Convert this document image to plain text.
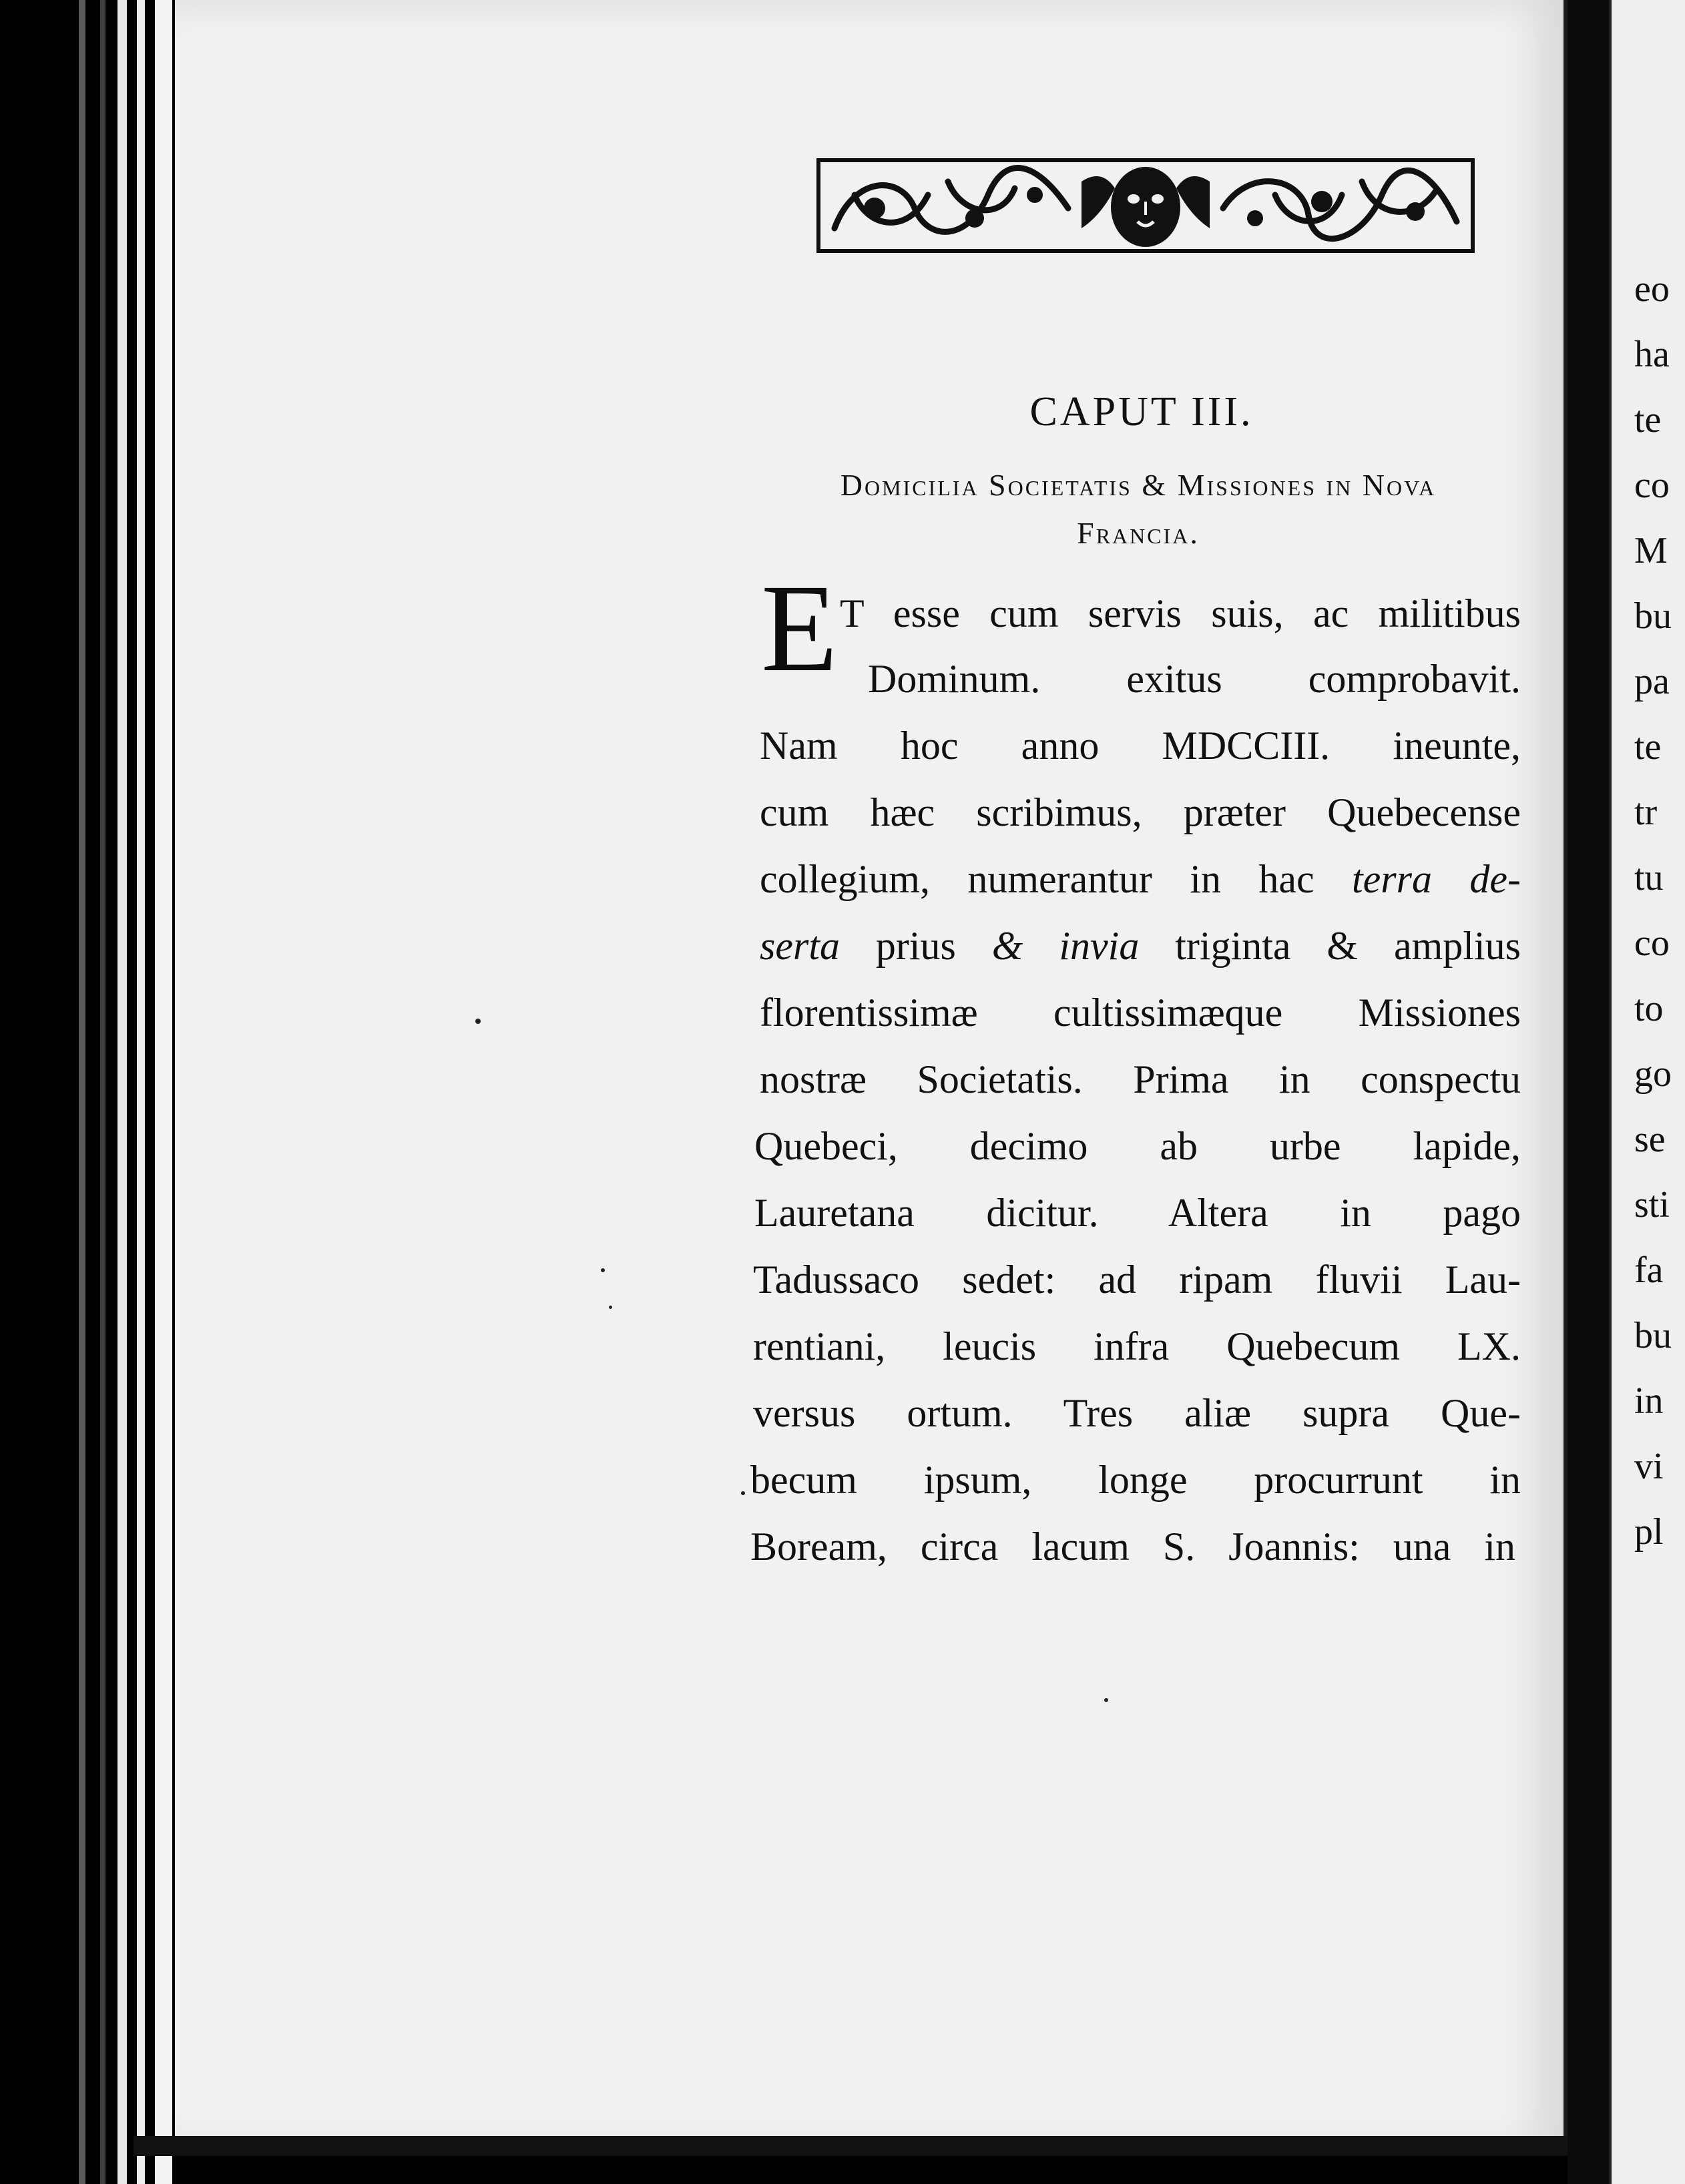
CAPUT III.
Domicilia Societatis & Missiones in Nova
Francia.
E T esse cum servis suis, ac militibus
Dominum. exitus comprobavit.
Nam hoc anno MDCCIII. ineunte,
cum hæc scribimus, præter Quebecense
collegium, numerantur in hac terra de-
serta prius & invia triginta & amplius
florentissimæ cultissimæque Missiones
nostræ Societatis. Prima in conspectu
Quebeci, decimo ab urbe lapide,
Lauretana dicitur. Altera in pago
Tadussaco sedet: ad ripam fluvii Lau-
rentiani, leucis infra Quebecum LX.
versus ortum. Tres aliæ supra Que-
becum ipsum, longe procurrunt in
Boream, circa lacum S. Joannis: una in
eo
ha
te
co
M
bu
pa
te
tr
tu
co
to
go
se
sti
fa
bu
in
vi
pl
